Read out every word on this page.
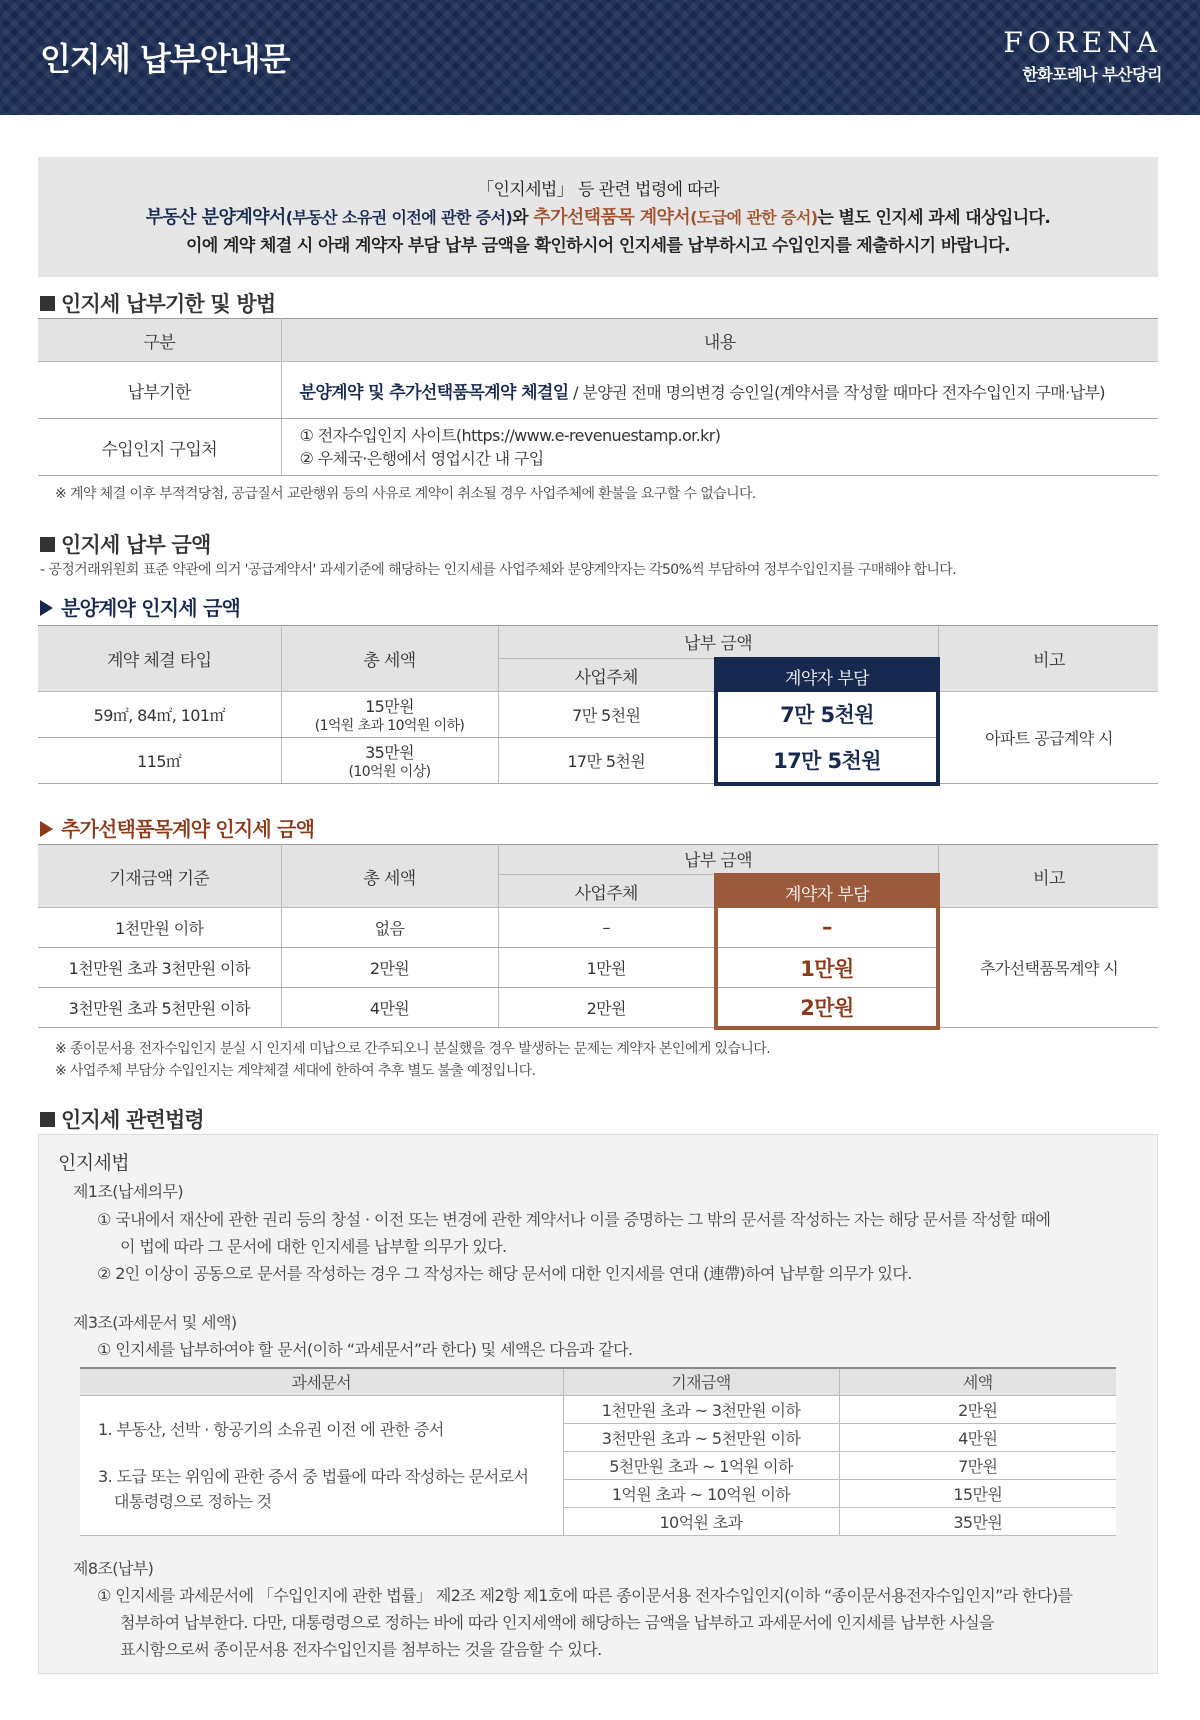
인지세 납부안내문	FORENA
한화포레나 부산당리
「인지세법」 등 관련 법령에 따라
부동산 분양계약서(부동산 소유권 이전에 관한 증서)와 추가선택품목 계약서(도급에 관한 증서)는 별도 인지세 과세 대상입니다.
이에 계약 체결 시 아래 계약자 부담 납부 금액을 확인하시어 인지세를 납부하시고 수입인지를 제출하시기 바랍니다.
인지세 납부기한 및 방법
구분	내용
납부기한	분양계약 및 추가선택품목계약 체결일 / 분양권 전매 명의변경 승인일(계약서를 작성할 때마다 전자수입인지 구매·납부)
수입인지 구입처	① 전자수입인지 사이트(https://www.e-revenuestamp.or.kr)
② 우체국·은행에서 영업시간 내 구입
※ 계약 체결 이후 부적격당첨, 공급질서 교란행위 등의 사유로 계약이 취소될 경우 사업주체에 환불을 요구할 수 없습니다.
인지세 납부 금액
- 공정거래위원회 표준 약관에 의거 '공급계약서' 과세기준에 해당하는 인지세를 사업주체와 분양계약자는 각50%씩 부담하여 정부수입인지를 구매해야 합니다.
분양계약 인지세 금액
계약 체결 타입	총 세액	납부 금액		비고
		사업주체	계약자 부담	
59㎡, 84㎡, 101㎡	15만원
(1억원 초과 10억원 이하)	7만 5천원	7만 5천원	아파트 공급계약 시
115㎡	35만원
(10억원 이상)	17만 5천원	17만 5천원	
추가선택품목계약 인지세 금액
기재금액 기준	총 세액	납부 금액		비고
		사업주체	계약자 부담	
1천만원 이하	없음	–	–	추가선택품목계약 시
1천만원 초과 3천만원 이하	2만원	1만원	1만원	
3천만원 초과 5천만원 이하	4만원	2만원	2만원	
※ 종이문서용 전자수입인지 분실 시 인지세 미납으로 간주되오니 분실했을 경우 발생하는 문제는 계약자 본인에게 있습니다.
※ 사업주체 부담分 수입인지는 계약체결 세대에 한하여 추후 별도 불출 예정입니다.
인지세 관련법령
인지세법
제1조(납세의무)
① 국내에서 재산에 관한 권리 등의 창설 · 이전 또는 변경에 관한 계약서나 이를 증명하는 그 밖의 문서를 작성하는 자는 해당 문서를 작성할 때에
이 법에 따라 그 문서에 대한 인지세를 납부할 의무가 있다.
② 2인 이상이 공동으로 문서를 작성하는 경우 그 작성자는 해당 문서에 대한 인지세를 연대 (連帶)하여 납부할 의무가 있다.
제3조(과세문서 및 세액)
① 인지세를 납부하여야 할 문서(이하 “과세문서”라 한다) 및 세액은 다음과 같다.
과세문서	기재금액	세액

1. 부동산, 선박 · 항공기의 소유권 이전 에 관한 증서
3. 도급 또는 위임에 관한 증서 중 법률에 따라 작성하는 문서로서
대통령령으로 정하는 것	1천만원 초과 ~ 3천만원 이하	2만원
	3천만원 초과 ~ 5천만원 이하	4만원
	5천만원 초과 ~ 1억원 이하	7만원
	1억원 초과 ~ 10억원 이하	15만원
	10억원 초과	35만원
제8조(납부)
① 인지세를 과세문서에 「수입인지에 관한 법률」 제2조 제2항 제1호에 따른 종이문서용 전자수입인지(이하 “종이문서용전자수입인지”라 한다)를
첨부하여 납부한다. 다만, 대통령령으로 정하는 바에 따라 인지세액에 해당하는 금액을 납부하고 과세문서에 인지세를 납부한 사실을
표시함으로써 종이문서용 전자수입인지를 첨부하는 것을 갈음할 수 있다.
